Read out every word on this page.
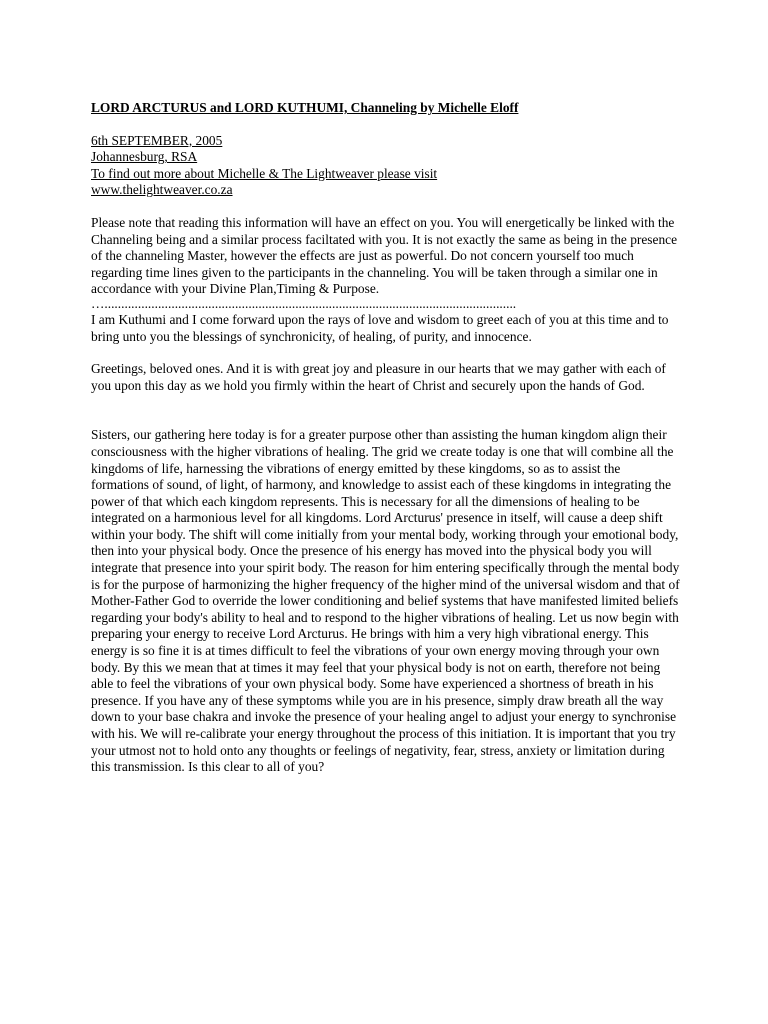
LORD ARCTURUS and LORD KUTHUMI, Channeling by Michelle Eloff
6th SEPTEMBER, 2005
Johannesburg, RSA
To find out more about Michelle & The Lightweaver please visit
www.thelightweaver.co.za

Please note that reading this information will have an effect on you. You will energetically be linked with the Channeling being and a similar process faciltated with you. It is not exactly the same as being in the presence of the channeling Master, however the effects are just as powerful. Do not concern yourself too much regarding time lines given to the participants in the channeling. You will be taken through a similar one in accordance with your Divine Plan,Timing & Purpose.

…...........................................................................................................................

I am Kuthumi and I come forward upon the rays of love and wisdom to greet each of you at this time and to bring unto you the blessings of synchronicity, of healing, of purity, and innocence.

Greetings, beloved ones. And it is with great joy and pleasure in our hearts that we may gather with each of you upon this day as we hold you firmly within the heart of Christ and securely upon the hands of God.

Sisters, our gathering here today is for a greater purpose other than assisting the human kingdom align their consciousness with the higher vibrations of healing. The grid we create today is one that will combine all the kingdoms of life, harnessing the vibrations of energy emitted by these kingdoms, so as to assist the formations of sound, of light, of harmony, and knowledge to assist each of these kingdoms in integrating the power of that which each kingdom represents. This is necessary for all the dimensions of healing to be integrated on a harmonious level for all kingdoms. Lord Arcturus' presence in itself, will cause a deep shift within your body. The shift will come initially from your mental body, working through your emotional body, then into your physical body. Once the presence of his energy has moved into the physical body you will integrate that presence into your spirit body. The reason for him entering specifically through the mental body is for the purpose of harmonizing the higher frequency of the higher mind of the universal wisdom and that of Mother-Father God to override the lower conditioning and belief systems that have manifested limited beliefs regarding your body's ability to heal and to respond to the higher vibrations of healing. Let us now begin with preparing your energy to receive Lord Arcturus. He brings with him a very high vibrational energy. This energy is so fine it is at times difficult to feel the vibrations of your own energy moving through your own body. By this we mean that at times it may feel that your physical body is not on earth, therefore not being able to feel the vibrations of your own physical body. Some have experienced a shortness of breath in his presence. If you have any of these symptoms while you are in his presence, simply draw breath all the way down to your base chakra and invoke the presence of your healing angel to adjust your energy to synchronise with his. We will re-calibrate your energy throughout the process of this initiation. It is important that you try your utmost not to hold onto any thoughts or feelings of negativity, fear, stress, anxiety or limitation during this transmission. Is this clear to all of you?
